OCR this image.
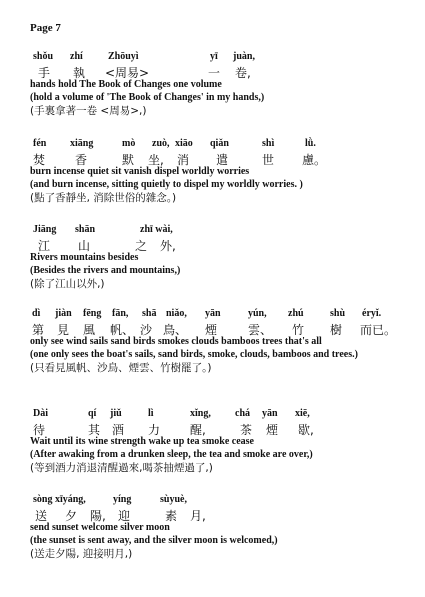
Page 7
shǒu zhí	Zhōuyì	yī juàn,
手 執 <周易>	一 卷,
hands hold The Book of Changes one volume
(hold a volume of 'The Book of Changes' in my hands,)
(手裏拿著一卷 <周易>,)
fén xiāng	mò zuò, xiāo qiǎn	shì	lǜ.
焚 香	默 坐, 消 遣	世 慮。
burn incense quiet sit vanish dispel worldly worries
(and burn incense, sitting quietly to dispel my worldly worries. )
(點了香靜坐, 消除世俗的雜念。)
Jiāng shān	zhī wài,
江 山	之 外,
Rivers mountains besides
(Besides the rivers and mountains,)
(除了江山以外,)
dì jiàn fēng fān, shā niǎo, yān	yún, zhú	shù éryǐ.
第 見 風 帆、 沙 鳥、 煙	雲、 竹 樹 而已。
only see wind sails sand birds smokes clouds bamboos trees that's all
(one only sees the boat's sails, sand birds, smoke, clouds, bamboos and trees.)
(只看見風帆、沙鳥、煙雲、竹樹罷了。)
Dài	qí jiǔ	lì	xǐng, chá yān xiē,
待	其 酒 力 醒,	茶 煙 歇,
Wait until its wine strength wake up tea smoke cease
(After awaking from a drunken sleep, the tea and smoke are over,)
(等到酒力消退清醒過來,喝茶抽煙過了,)
sòng xīyáng,	yíng	sùyuè,
送 夕 陽, 迎	素 月,
send sunset welcome silver moon
(the sunset is sent away, and the silver moon is welcomed,)
(送走夕陽, 迎接明月,)
